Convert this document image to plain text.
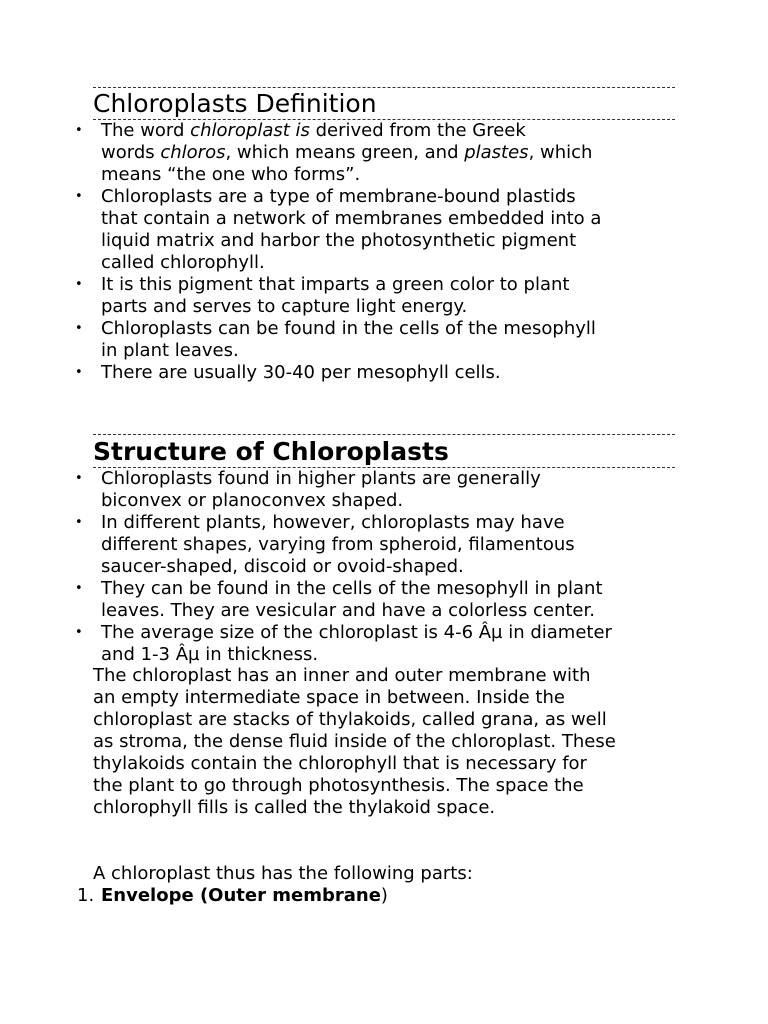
Chloroplasts Definition
• The word chloroplast is derived from the Greek
words chloros, which means green, and plastes, which
means “the one who forms”.
• Chloroplasts are a type of membrane-bound plastids
that contain a network of membranes embedded into a
liquid matrix and harbor the photosynthetic pigment
called chlorophyll.
• It is this pigment that imparts a green color to plant
parts and serves to capture light energy.
• Chloroplasts can be found in the cells of the mesophyll
in plant leaves.
• There are usually 30-40 per mesophyll cells.
Structure of Chloroplasts
• Chloroplasts found in higher plants are generally
biconvex or planoconvex shaped.
• In different plants, however, chloroplasts may have
different shapes, varying from spheroid, filamentous
saucer-shaped, discoid or ovoid-shaped.
• They can be found in the cells of the mesophyll in plant
leaves. They are vesicular and have a colorless center.
• The average size of the chloroplast is 4-6 Âµ in diameter
and 1-3 Âµ in thickness.
The chloroplast has an inner and outer membrane with
an empty intermediate space in between. Inside the
chloroplast are stacks of thylakoids, called grana, as well
as stroma, the dense fluid inside of the chloroplast. These
thylakoids contain the chlorophyll that is necessary for
the plant to go through photosynthesis. The space the
chlorophyll fills is called the thylakoid space.

A chloroplast thus has the following parts:

1. Envelope (Outer membrane)
